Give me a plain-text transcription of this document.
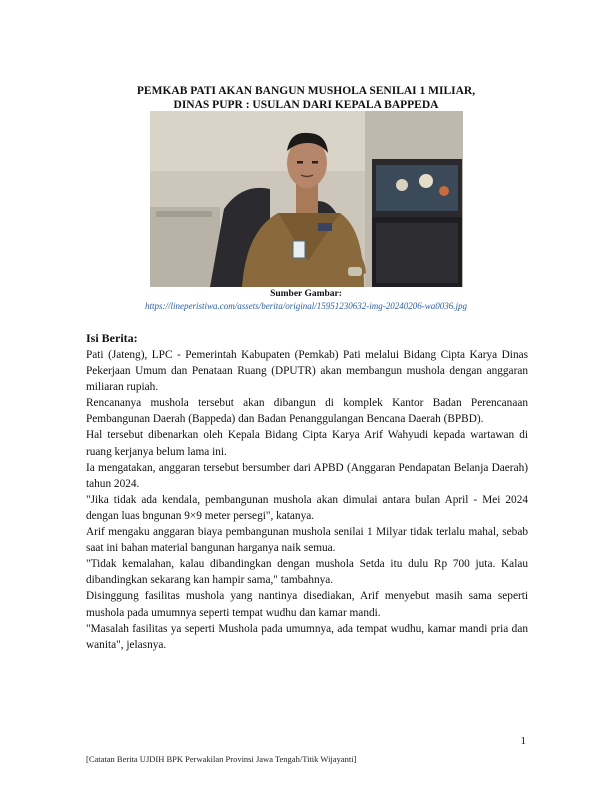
PEMKAB PATI AKAN BANGUN MUSHOLA SENILAI 1 MILIAR,
DINAS PUPR : USULAN DARI KEPALA BAPPEDA
Sumber Gambar:
https://lineperistiwa.com/assets/berita/original/15951230632-img-20240206-wa0036.jpg
Isi Berita:

Pati (Jateng), LPC - Pemerintah Kabupaten (Pemkab) Pati melalui Bidang Cipta Karya Dinas Pekerjaan Umum dan Penataan Ruang (DPUTR) akan membangun mushola dengan anggaran miliaran rupiah.

Rencananya mushola tersebut akan dibangun di komplek Kantor Badan Perencanaan Pembangunan Daerah (Bappeda) dan Badan Penanggulangan Bencana Daerah (BPBD).

Hal tersebut dibenarkan oleh Kepala Bidang Cipta Karya Arif Wahyudi kepada wartawan di ruang kerjanya belum lama ini.

Ia mengatakan, anggaran tersebut bersumber dari APBD (Anggaran Pendapatan Belanja Daerah) tahun 2024.

"Jika tidak ada kendala, pembangunan mushola akan dimulai antara bulan April - Mei 2024 dengan luas bngunan 9×9 meter persegi", katanya.

Arif mengaku anggaran biaya pembangunan mushola senilai 1 Milyar tidak terlalu mahal, sebab saat ini bahan material bangunan harganya naik semua.

"Tidak kemalahan, kalau dibandingkan dengan mushola Setda itu dulu Rp 700 juta. Kalau dibandingkan sekarang kan hampir sama," tambahnya.

Disinggung fasilitas mushola yang nantinya disediakan, Arif menyebut masih sama seperti mushola pada umumnya seperti tempat wudhu dan kamar mandi.

"Masalah fasilitas ya seperti Mushola pada umumnya, ada tempat wudhu, kamar mandi pria dan wanita", jelasnya.

1
[Catatan Berita UJDIH BPK Perwakilan Provinsi Jawa Tengah/Titik Wijayanti]
